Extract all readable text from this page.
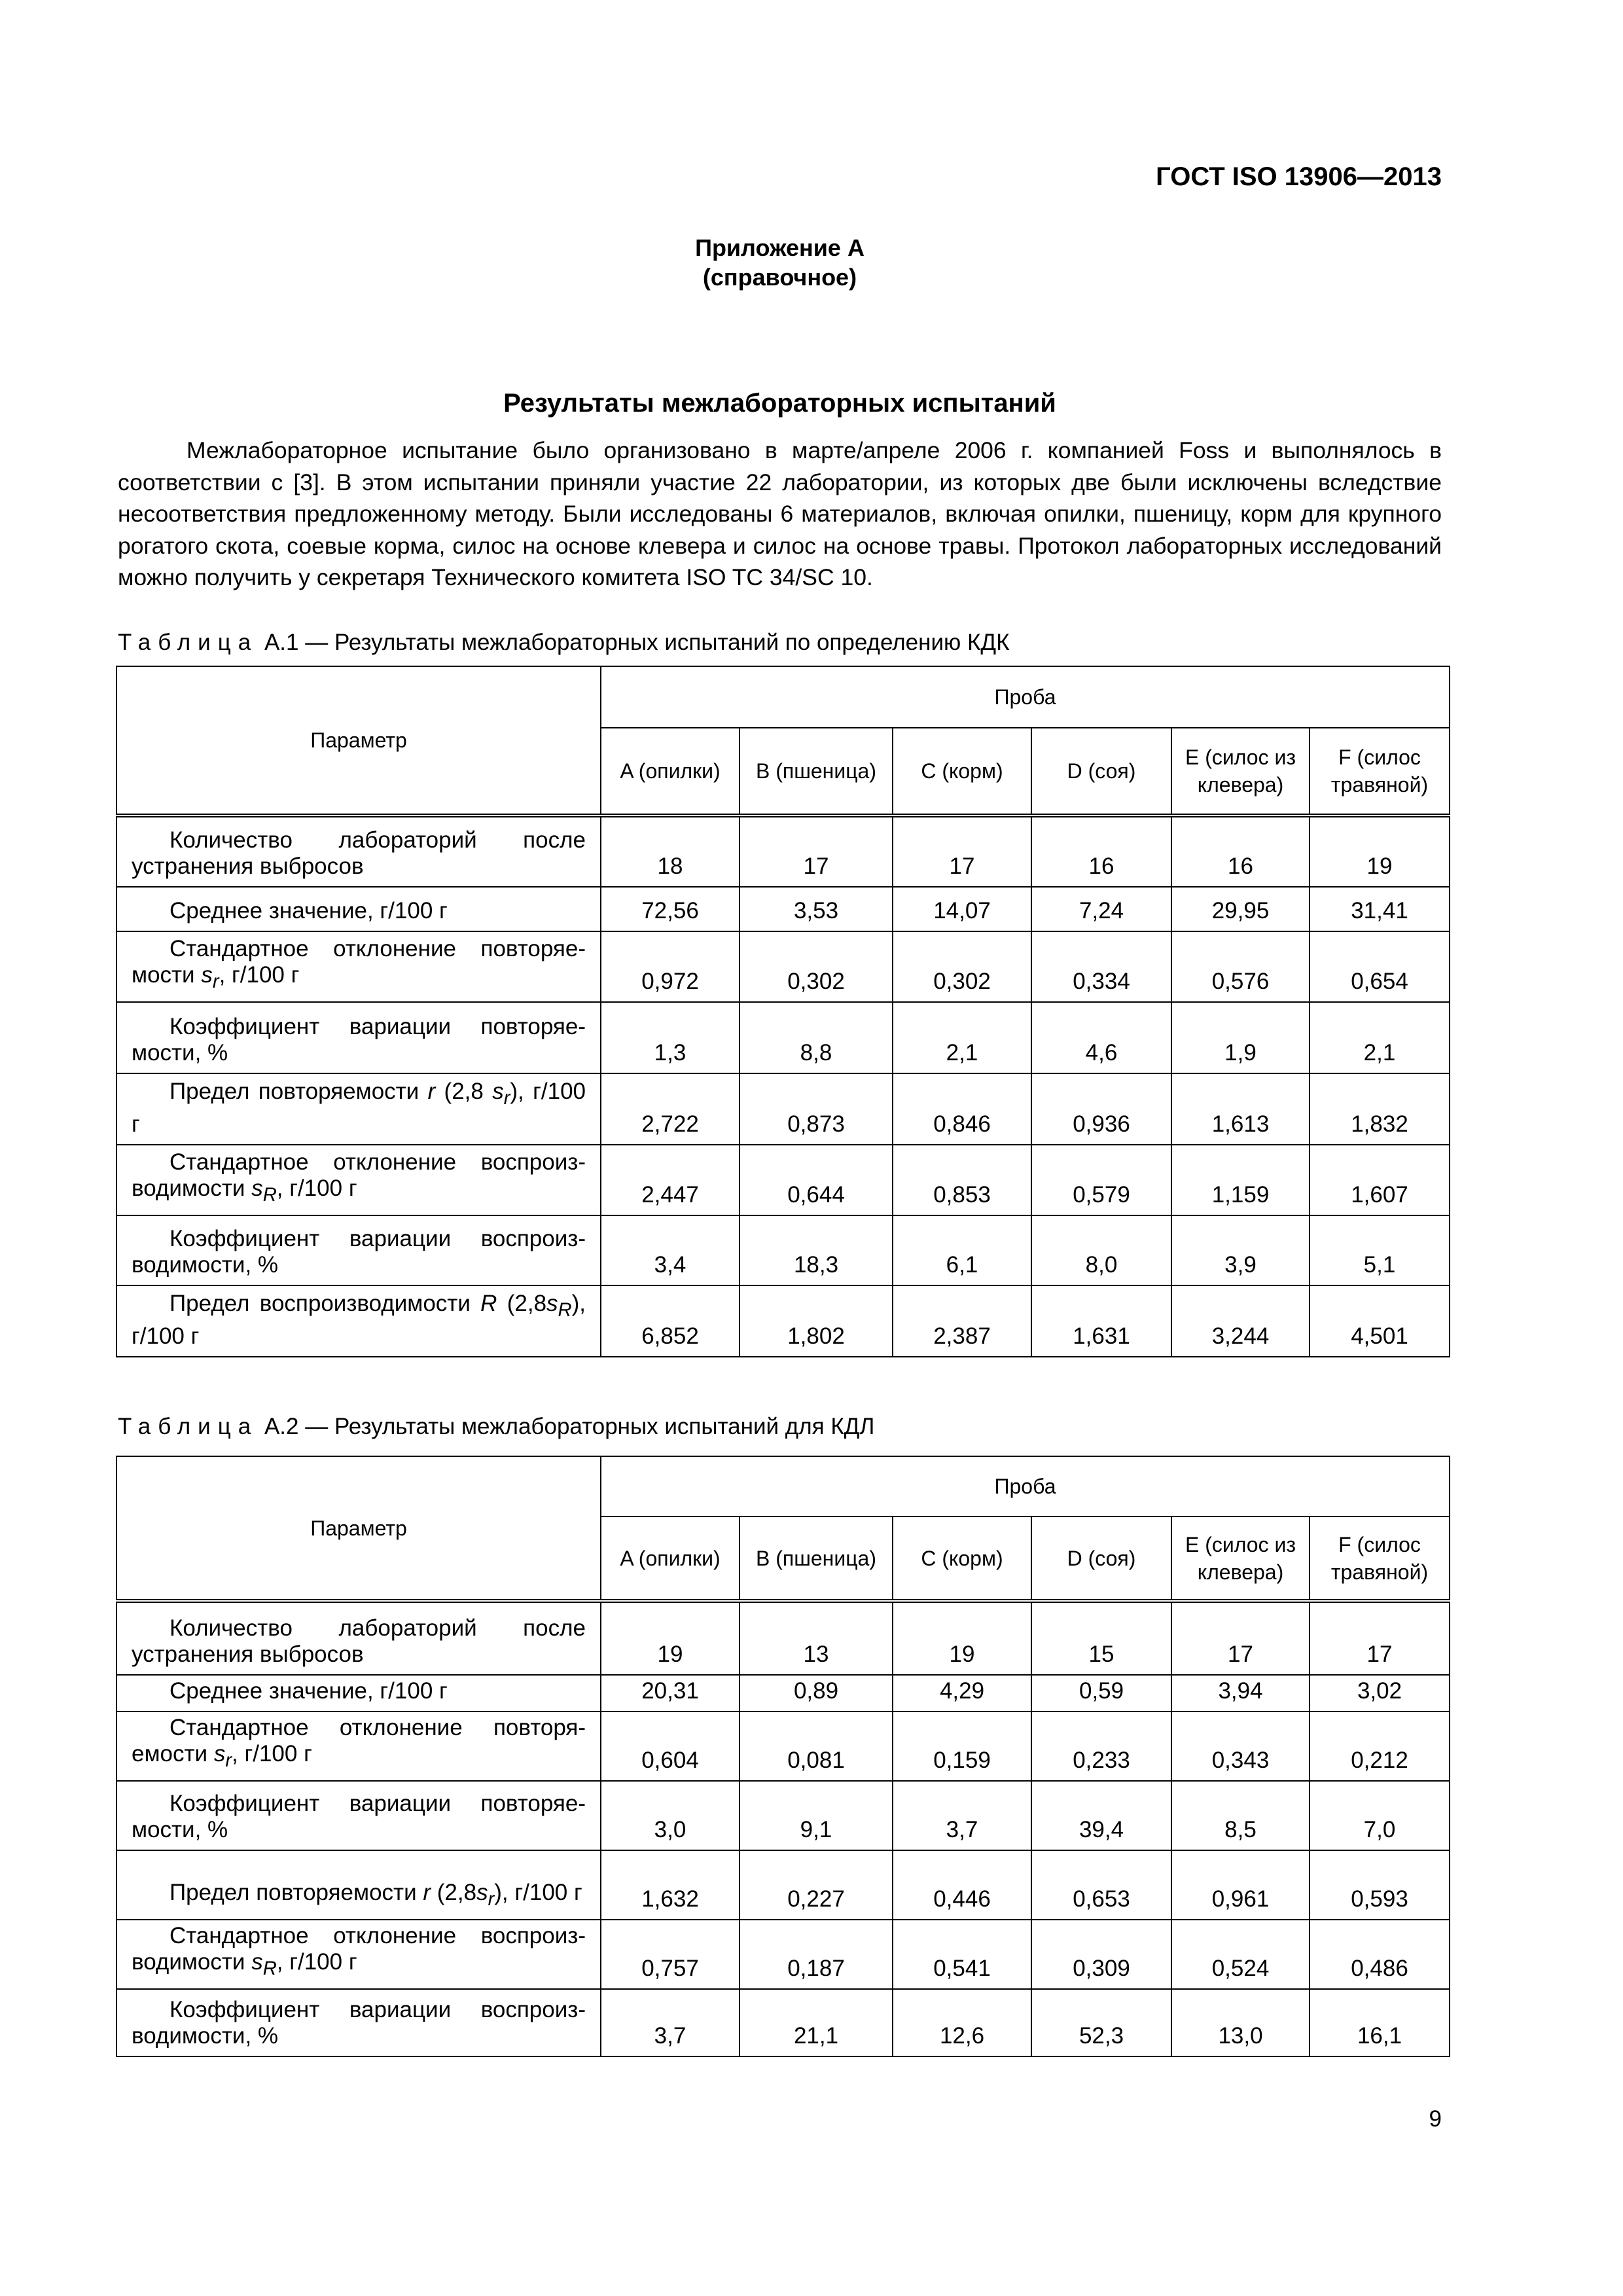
ГОСТ ISO 13906—2013
Приложение А
(справочное)
Результаты межлабораторных испытаний
Межлабораторное испытание было организовано в марте/апреле 2006 г. компанией Foss и выполнялось в соответствии с [3]. В этом испытании приняли участие 22 лаборатории, из которых две были исключены вследствие несоответствия предложенному методу. Были исследованы 6 материалов, включая опилки, пшеницу, корм для крупного рогатого скота, соевые корма, силос на основе клевера и силос на основе травы. Протокол лабораторных исследований можно получить у секретаря Технического комитета ISO TC 34/SC 10.
Таблица А.1 — Результаты межлабораторных испытаний по определению КДК
Параметр	Проба					
	A (опилки)	B (пшеница)	C (корм)	D (соя)	E (силос из клевера)	F (силос травяной)
Количество лабораторий после устранения выбросов	18	17	17	16	16	19
Среднее значение, г/100 г	72,56	3,53	14,07	7,24	29,95	31,41
Стандартное отклонение повторяе-мости $s_r$, г/100 г	0,972	0,302	0,302	0,334	0,576	0,654
Коэффициент вариации повторяе-мости, %	1,3	8,8	2,1	4,6	1,9	2,1
Предел повторяемости r (2,8 $s_r$), г/100 г	2,722	0,873	0,846	0,936	1,613	1,832
Стандартное отклонение воспроиз-водимости $s_R$, г/100 г	2,447	0,644	0,853	0,579	1,159	1,607
Коэффициент вариации воспроиз-водимости, %	3,4	18,3	6,1	8,0	3,9	5,1
Предел воспроизводимости R $(2,8s_R)$, г/100 г	6,852	1,802	2,387	1,631	3,244	4,501
Таблица А.2 — Результаты межлабораторных испытаний для КДЛ
Параметр	Проба					
	A (опилки)	B (пшеница)	C (корм)	D (соя)	E (силос из клевера)	F (силос травяной)
Количество лабораторий после устранения выбросов	19	13	19	15	17	17
Среднее значение, г/100 г	20,31	0,89	4,29	0,59	3,94	3,02
Стандартное отклонение повторя-емости $s_r$, г/100 г	0,604	0,081	0,159	0,233	0,343	0,212
Коэффициент вариации повторяе-мости, %	3,0	9,1	3,7	39,4	8,5	7,0
Предел повторяемости r $(2,8s_r)$, г/100 г	1,632	0,227	0,446	0,653	0,961	0,593
Стандартное отклонение воспроиз-водимости $s_R$, г/100 г	0,757	0,187	0,541	0,309	0,524	0,486
Коэффициент вариации воспроиз-водимости, %	3,7	21,1	12,6	52,3	13,0	16,1
9
